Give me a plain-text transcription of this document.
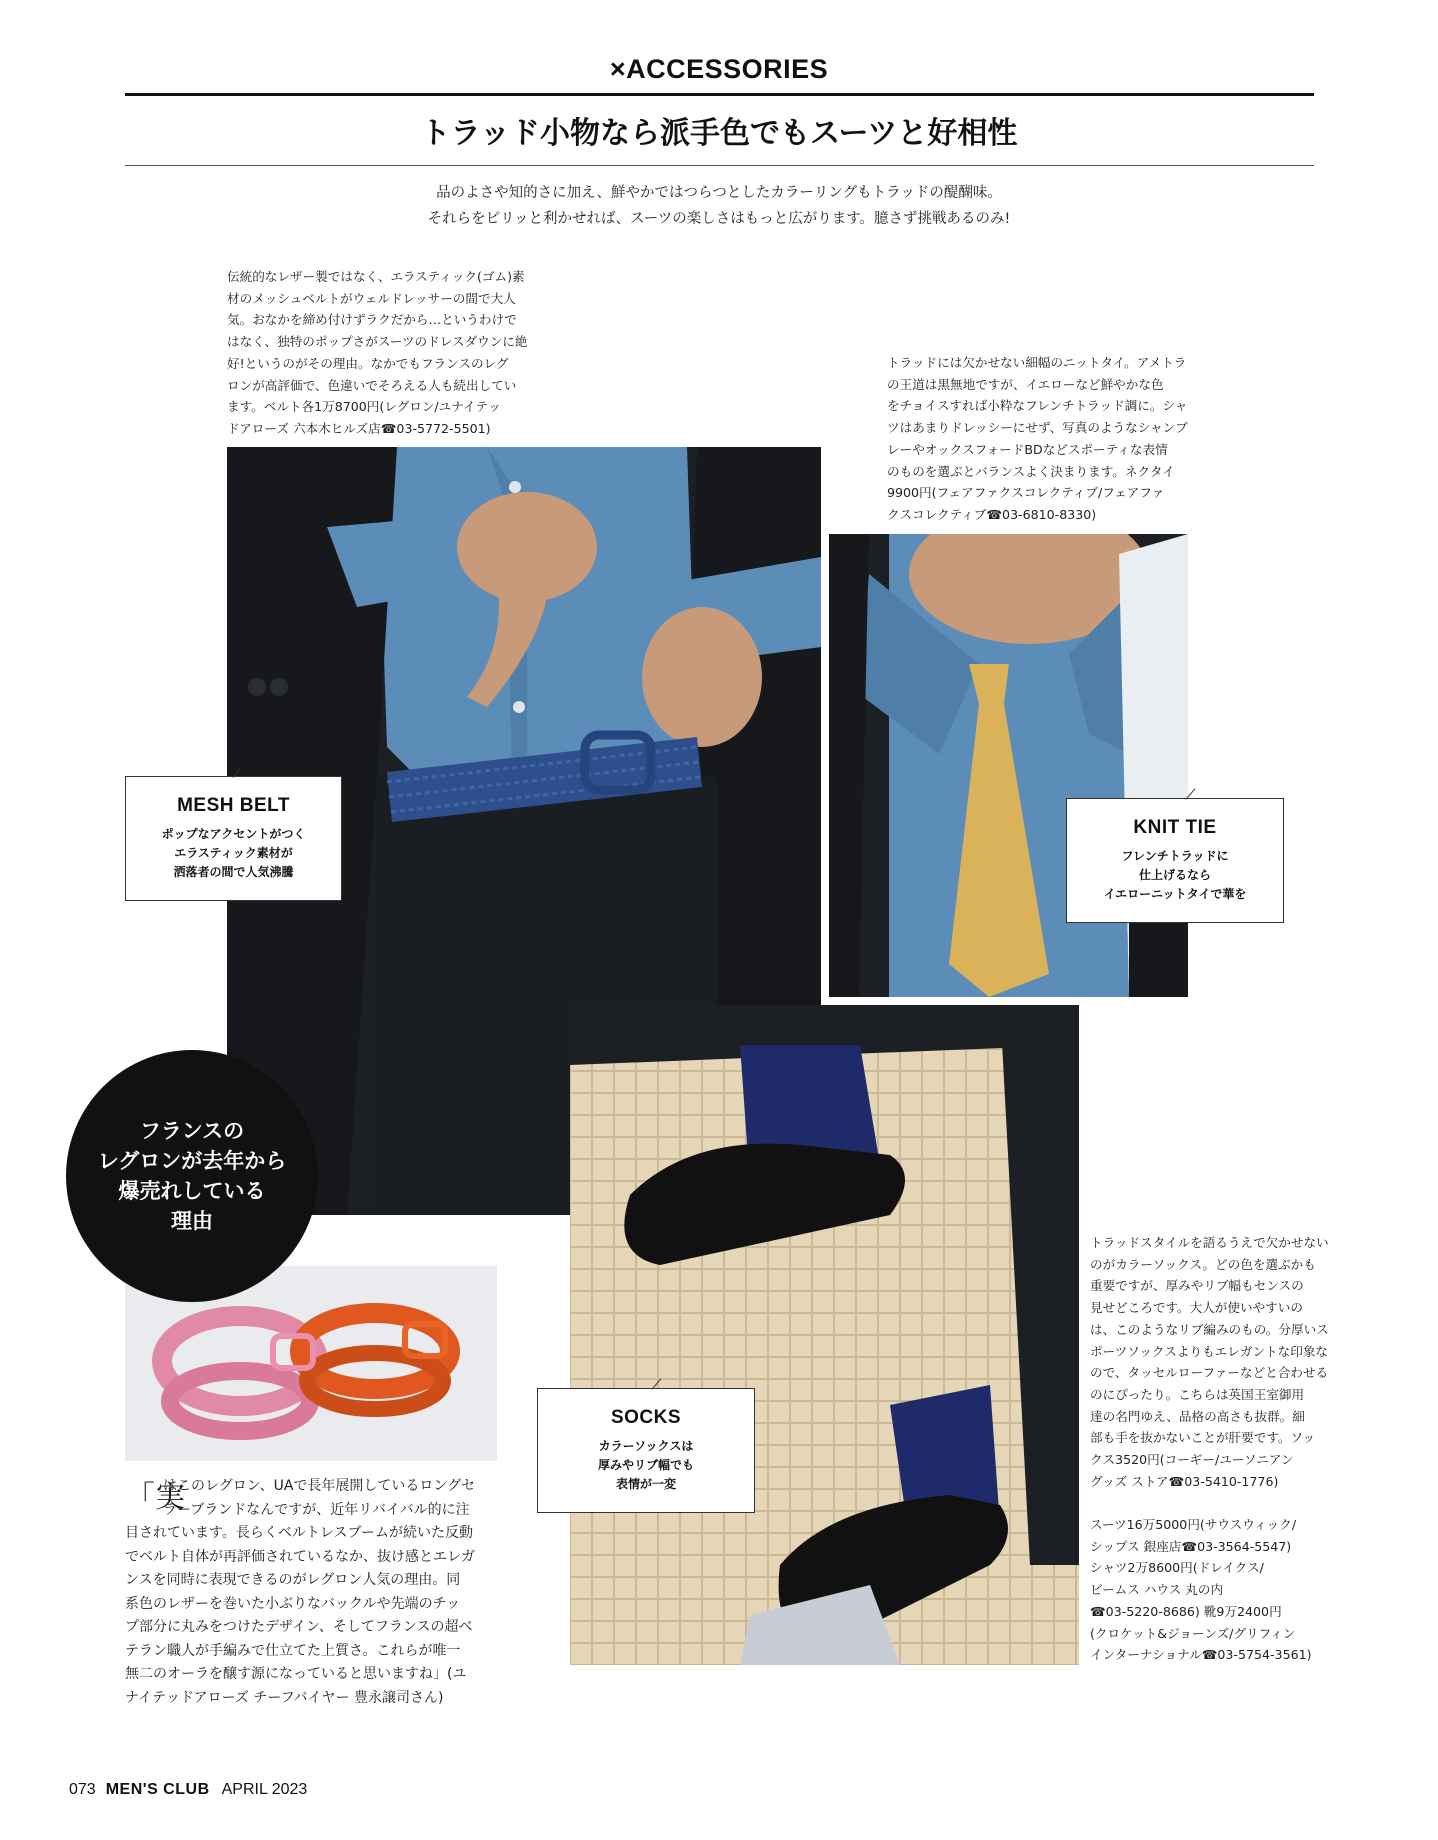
×ACCESSORIES
トラッド小物なら派手色でもスーツと好相性
品のよさや知的さに加え、鮮やかではつらつとしたカラーリングもトラッドの醍醐味。
それらをピリッと利かせれば、スーツの楽しさはもっと広がります。臆さず挑戦あるのみ!
伝統的なレザー製ではなく、エラスティック(ゴム)素
材のメッシュベルトがウェルドレッサーの間で大人
気。おなかを締め付けずラクだから…というわけで
はなく、独特のポップさがスーツのドレスダウンに絶
好!というのがその理由。なかでもフランスのレグ
ロンが高評価で、色違いでそろえる人も続出してい
ます。ベルト各1万8700円(レグロン/ユナイテッ
ドアローズ 六本木ヒルズ店☎03-5772-5501)
トラッドには欠かせない細幅のニットタイ。アメトラ
の王道は黒無地ですが、イエローなど鮮やかな色
をチョイスすれば小粋なフレンチトラッド調に。シャ
ツはあまりドレッシーにせず、写真のようなシャンブ
レーやオックスフォードBDなどスポーティな表情
のものを選ぶとバランスよく決まります。ネクタイ
9900円(フェアファクスコレクティブ/フェアファ
クスコレクティブ☎03-6810-8330)
フランスの
レグロンが去年から
爆売れしている
理由
MESH BELT
ポップなアクセントがつく
エラスティック素材が
洒落者の間で人気沸騰
KNIT TIE
フレンチトラッドに
仕上げるなら
イエローニットタイで華を
SOCKS
カラーソックスは
厚みやリブ幅でも
表情が一変
「実
はこのレグロン、UAで長年展開しているロングセ
ラーブランドなんですが、近年リバイバル的に注
目されています。長らくベルトレスブームが続いた反動
でベルト自体が再評価されているなか、抜け感とエレガ
ンスを同時に表現できるのがレグロン人気の理由。同
系色のレザーを巻いた小ぶりなバックルや先端のチッ
プ部分に丸みをつけたデザイン、そしてフランスの超ベ
テラン職人が手編みで仕立てた上質さ。これらが唯一
無二のオーラを醸す源になっていると思いますね」(ユ
ナイテッドアローズ チーフバイヤー 豊永譲司さん)
トラッドスタイルを語るうえで欠かせない
のがカラーソックス。どの色を選ぶかも
重要ですが、厚みやリブ幅もセンスの
見せどころです。大人が使いやすいの
は、このようなリブ編みのもの。分厚いス
ポーツソックスよりもエレガントな印象な
ので、タッセルローファーなどと合わせる
のにぴったり。こちらは英国王室御用
達の名門ゆえ、品格の高さも抜群。細
部も手を抜かないことが肝要です。ソッ
クス3520円(コーギー/ユーソニアン
グッズ ストア☎03-5410-1776)
スーツ16万5000円(サウスウィック/
シップス 銀座店☎03-3564-5547)
シャツ2万8600円(ドレイクス/
ビームス ハウス 丸の内
☎03-5220-8686) 靴9万2400円
(クロケット&ジョーンズ/グリフィン
インターナショナル☎03-5754-3561)
073 MEN'S CLUB APRIL 2023
